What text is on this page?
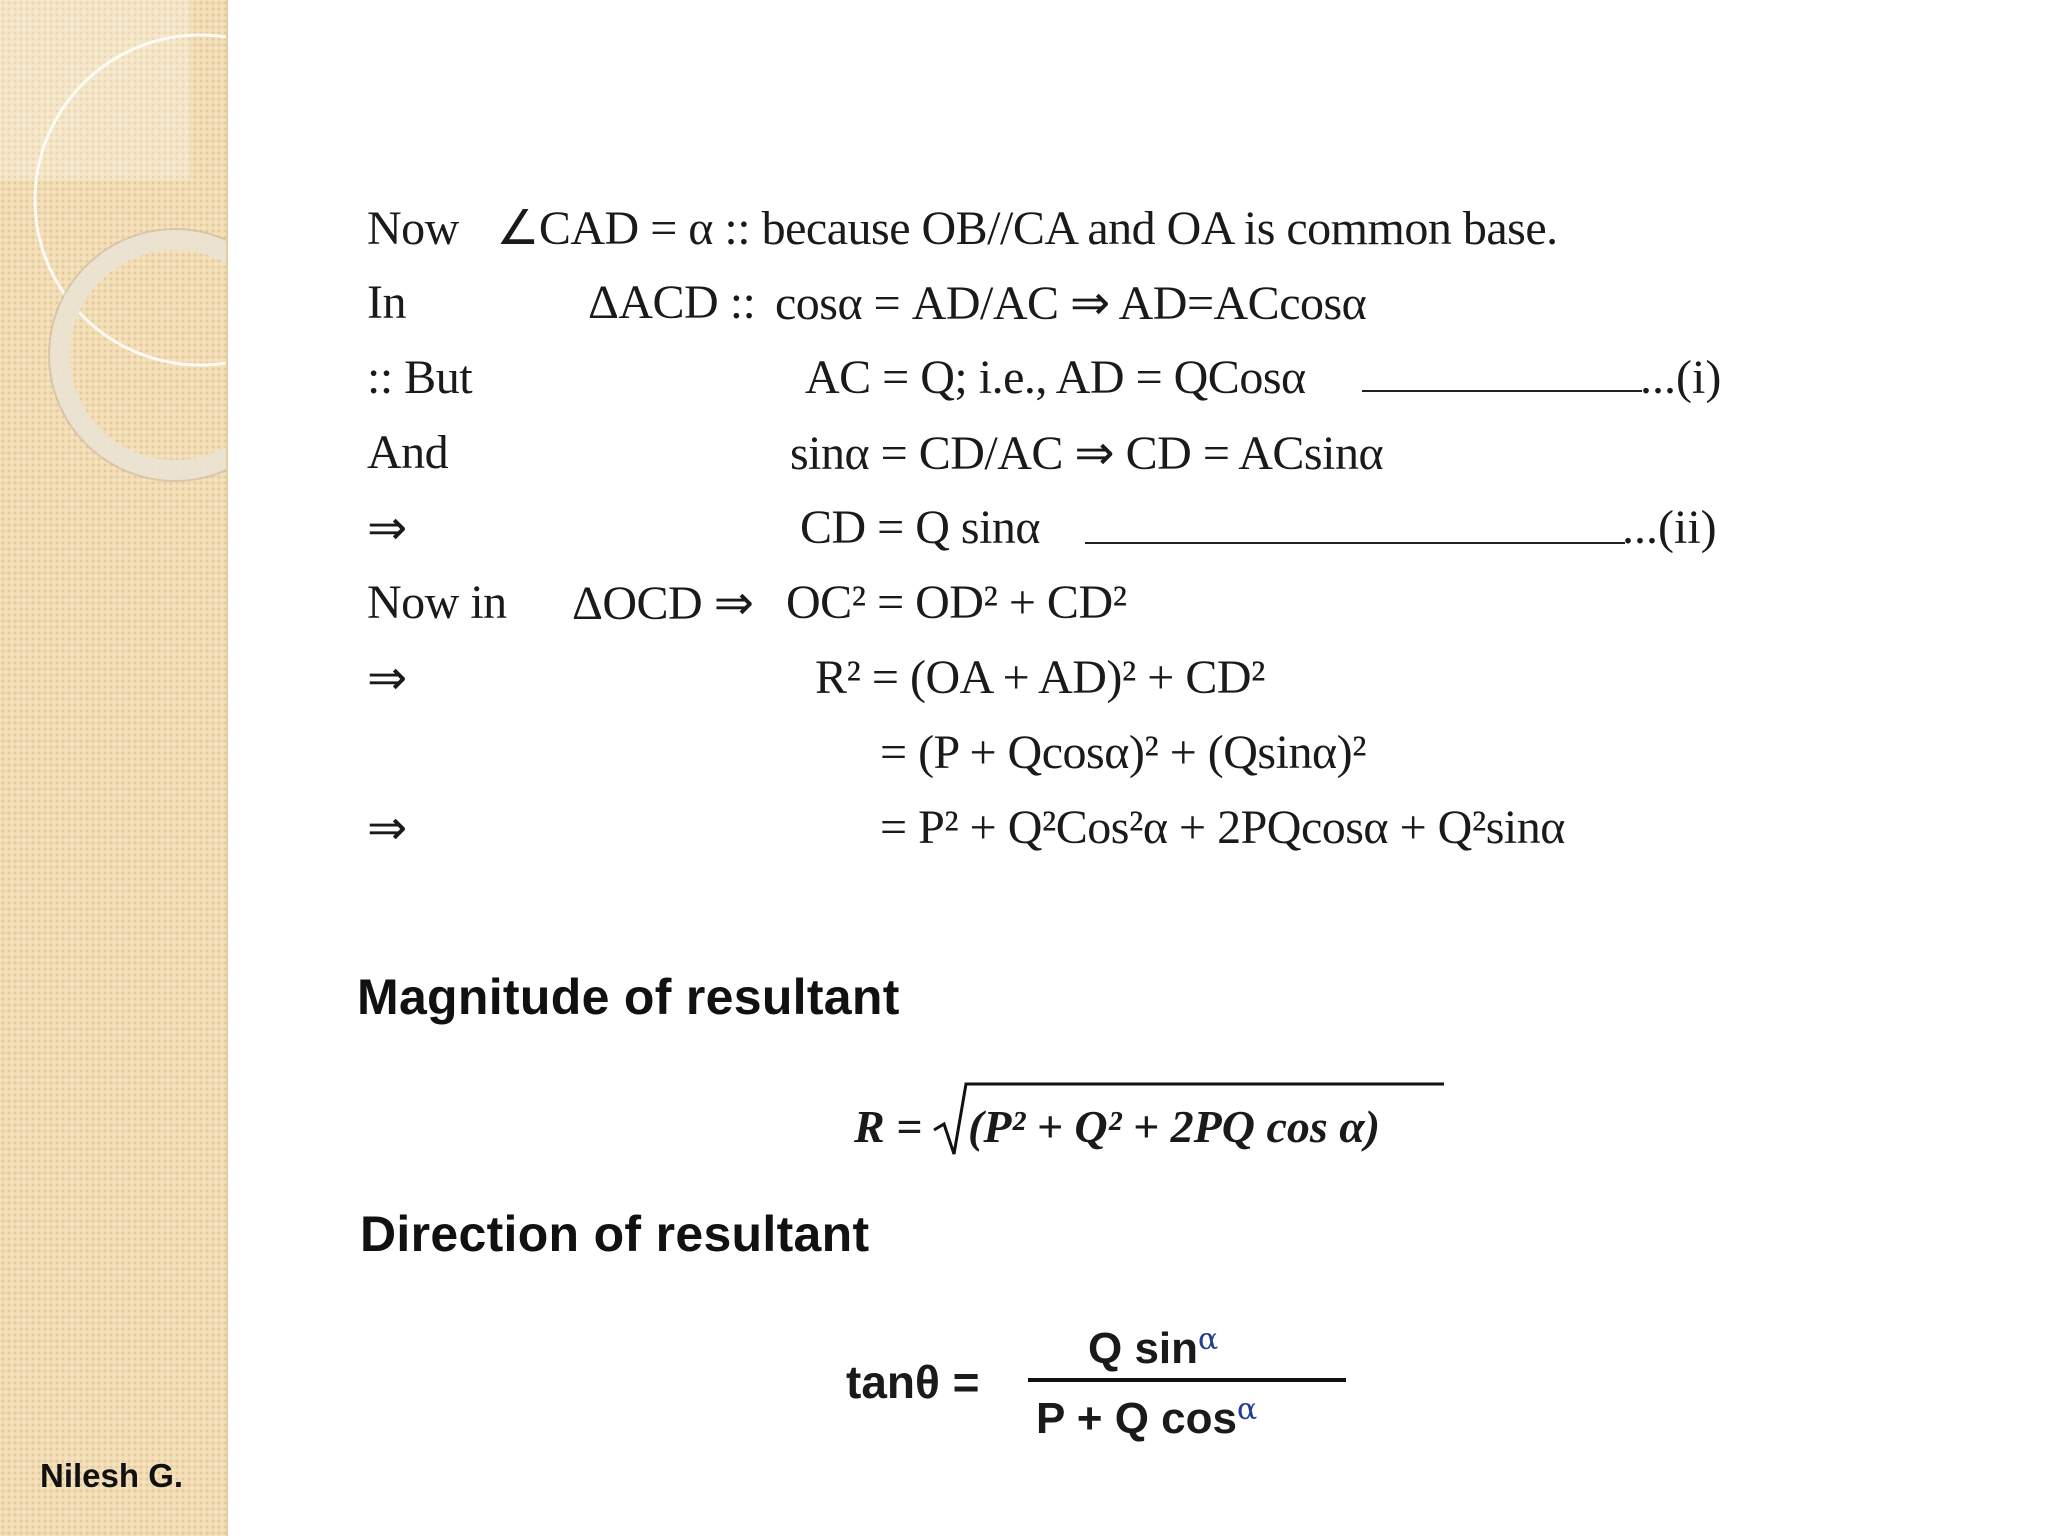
Nilesh G.
Now ∠CAD = α :: because OB//CA and OA is common base.
In	ΔACD :: cosα = AD/AC ⇒ AD=ACcosα
:: But	AC = Q; i.e., AD = QCosα	...(i)
And	sinα = CD/AC ⇒ CD = ACsinα
⇒	CD = Q sinα	...(ii)
Now in ΔOCD ⇒ OC² = OD² + CD²
⇒	R² = (OA + AD)² + CD²
= (P + Qcosα)² + (Qsinα)²
⇒	= P² + Q²Cos²α + 2PQcosα + Q²sinα
Magnitude of resultant
R = (P² + Q² + 2PQ cos α)
Direction of resultant
tanθ =
Q $\sin^\alpha$
P + Q $\cos^\alpha$
